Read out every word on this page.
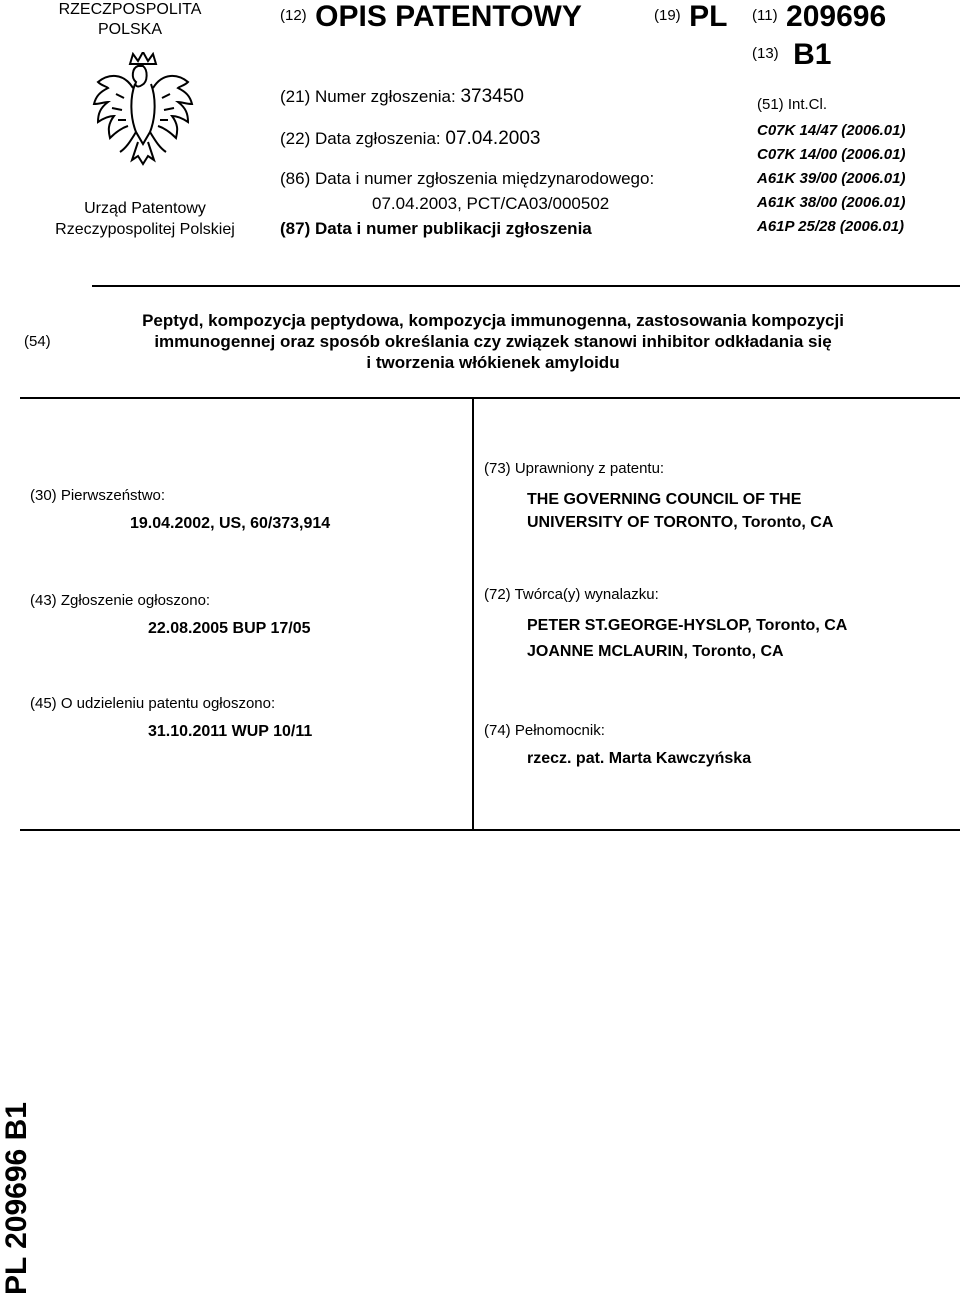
RZECZPOSPOLITA
POLSKA
Urząd Patentowy
Rzeczypospolitej Polskiej
(12) OPIS PATENTOWY	(19) PL
(21) Numer zgłoszenia: 373450
(22) Data zgłoszenia: 07.04.2003
(86) Data i numer zgłoszenia międzynarodowego:
07.04.2003, PCT/CA03/000502
(87) Data i numer publikacji zgłoszenia
(11) 209696
(13) B1
(51) Int.Cl.
C07K 14/47 (2006.01)
C07K 14/00 (2006.01)
A61K 39/00 (2006.01)
A61K 38/00 (2006.01)
A61P 25/28 (2006.01)
(54)
Peptyd, kompozycja peptydowa, kompozycja immunogenna, zastosowania kompozycji
immunogennej oraz sposób określania czy związek stanowi inhibitor odkładania się
i tworzenia włókienek amyloidu
(30) Pierwszeństwo:
19.04.2002, US, 60/373,914
(43) Zgłoszenie ogłoszono:
22.08.2005 BUP 17/05
(45) O udzieleniu patentu ogłoszono:
31.10.2011 WUP 10/11
(73) Uprawniony z patentu:
THE GOVERNING COUNCIL OF THE
UNIVERSITY OF TORONTO, Toronto, CA
(72) Twórca(y) wynalazku:
PETER ST.GEORGE-HYSLOP, Toronto, CA
JOANNE MCLAURIN, Toronto, CA
(74) Pełnomocnik:
rzecz. pat. Marta Kawczyńska
PL 209696 B1
